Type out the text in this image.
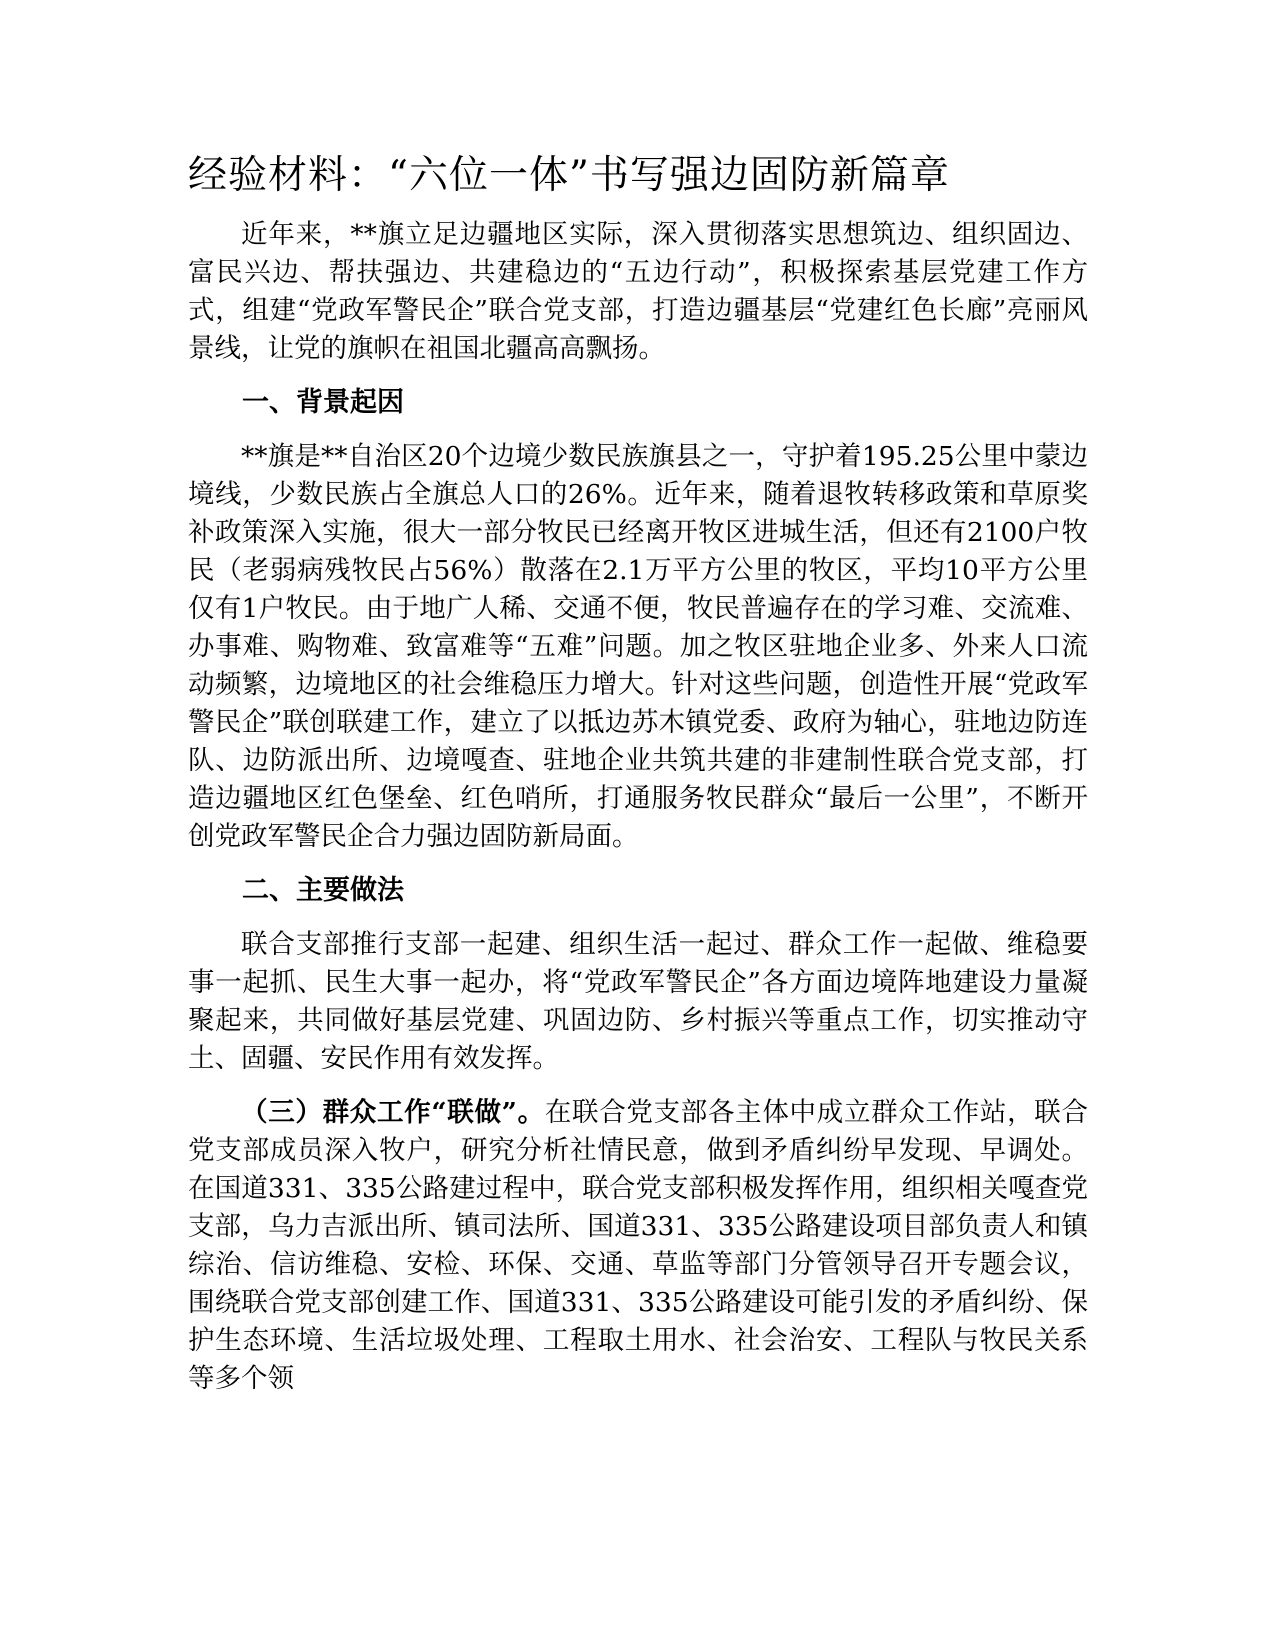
经验材料：“六位一体”书写强边固防新篇章

近年来，**旗立足边疆地区实际，深入贯彻落实思想筑边、组织固边、富民兴边、帮扶强边、共建稳边的“五边行动”，积极探索基层党建工作方式，组建“党政军警民企”联合党支部，打造边疆基层“党建红色长廊”亮丽风景线，让党的旗帜在祖国北疆高高飘扬。

一、背景起因

**旗是**自治区20个边境少数民族旗县之一，守护着195.25公里中蒙边境线，少数民族占全旗总人口的26%。近年来，随着退牧转移政策和草原奖补政策深入实施，很大一部分牧民已经离开牧区进城生活，但还有2100户牧民（老弱病残牧民占56%）散落在2.1万平方公里的牧区，平均10平方公里仅有1户牧民。由于地广人稀、交通不便，牧民普遍存在的学习难、交流难、办事难、购物难、致富难等“五难”问题。加之牧区驻地企业多、外来人口流动频繁，边境地区的社会维稳压力增大。针对这些问题，创造性开展“党政军警民企”联创联建工作，建立了以抵边苏木镇党委、政府为轴心，驻地边防连队、边防派出所、边境嘎查、驻地企业共筑共建的非建制性联合党支部，打造边疆地区红色堡垒、红色哨所，打通服务牧民群众“最后一公里”，不断开创党政军警民企合力强边固防新局面。

二、主要做法

联合支部推行支部一起建、组织生活一起过、群众工作一起做、维稳要事一起抓、民生大事一起办，将“党政军警民企”各方面边境阵地建设力量凝聚起来，共同做好基层党建、巩固边防、乡村振兴等重点工作，切实推动守土、固疆、安民作用有效发挥。

（三）群众工作“联做”。在联合党支部各主体中成立群众工作站，联合党支部成员深入牧户，研究分析社情民意，做到矛盾纠纷早发现、早调处。在国道331、335公路建过程中，联合党支部积极发挥作用，组织相关嘎查党支部，乌力吉派出所、镇司法所、国道331、335公路建设项目部负责人和镇综治、信访维稳、安检、环保、交通、草监等部门分管领导召开专题会议，围绕联合党支部创建工作、国道331、335公路建设可能引发的矛盾纠纷、保护生态环境、生活垃圾处理、工程取土用水、社会治安、工程队与牧民关系等多个领
